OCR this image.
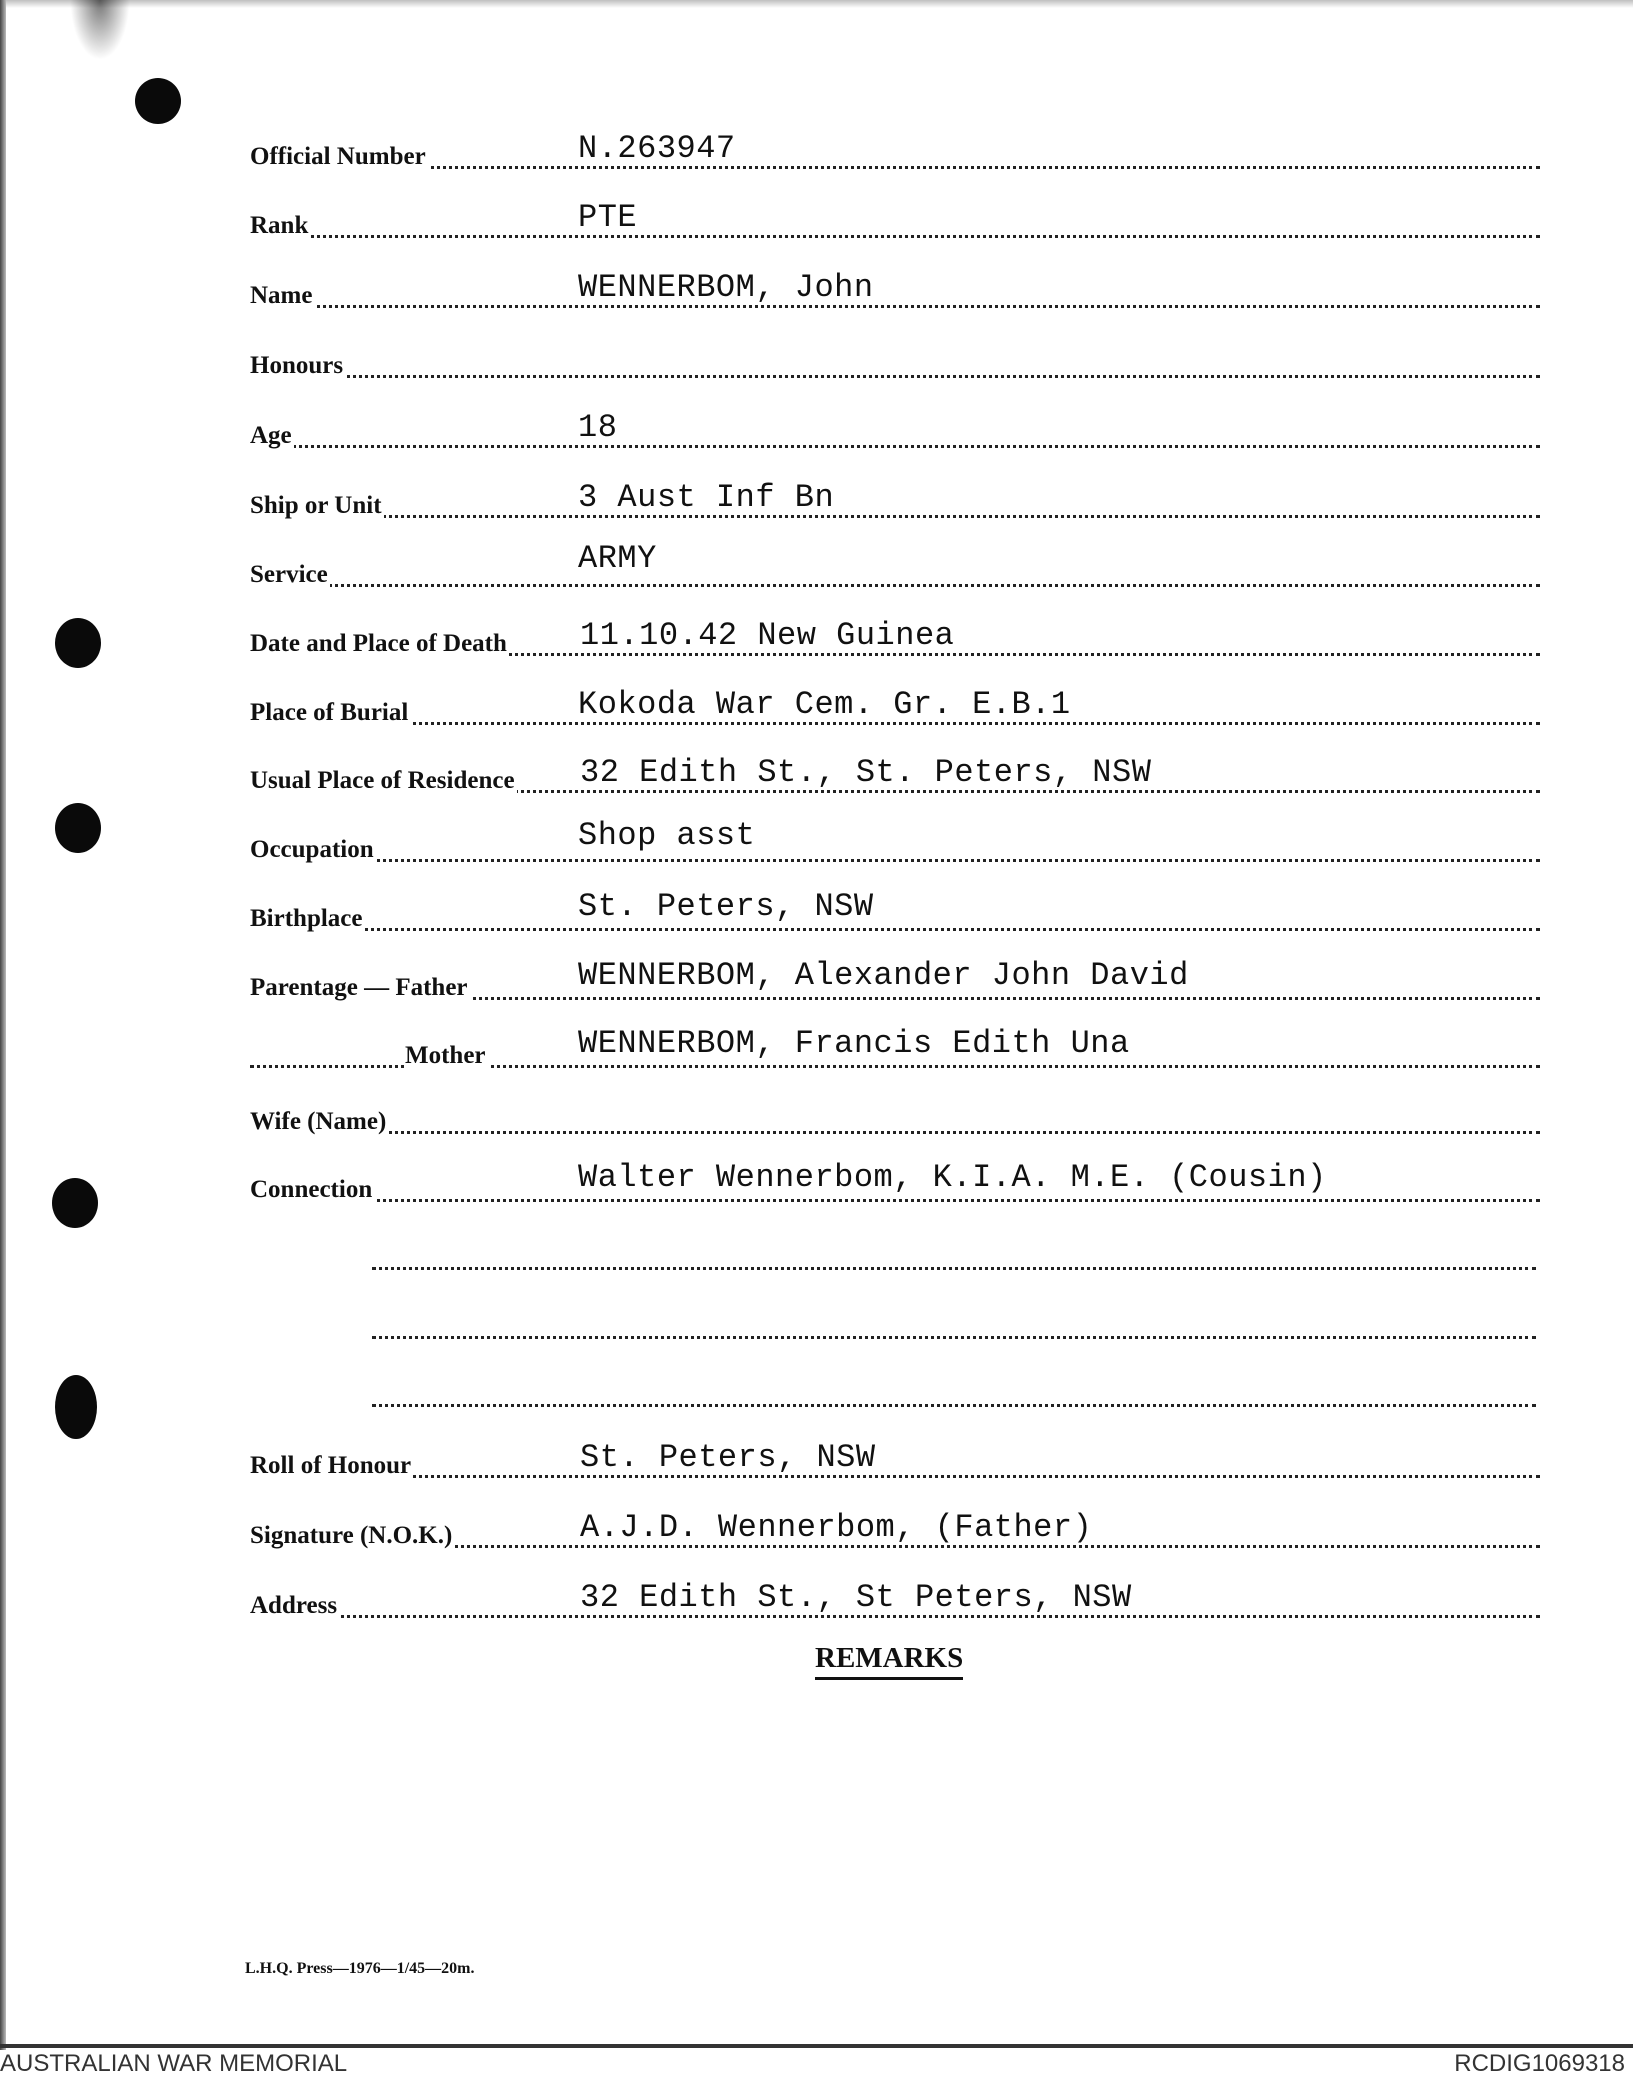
Official Number	N.263947
Rank	PTE
Name	WENNERBOM, John
Honours
Age	18
Ship or Unit	3 Aust Inf Bn
Service	ARMY
Date and Place of Death 11.10.42 New Guinea
Place of Burial	Kokoda War Cem. Gr. E.B.1
Usual Place of Residence 32 Edith St., St. Peters, NSW
Occupation	Shop asst
Birthplace	St. Peters, NSW
Parentage — Father	WENNERBOM, Alexander John David
Mother	WENNERBOM, Francis Edith Una
Wife (Name)
Connection	Walter Wennerbom, K.I.A. M.E. (Cousin)
Roll of Honour	St. Peters, NSW
Signature (N.O.K.)	A.J.D. Wennerbom, (Father)
Address	32 Edith St., St Peters, NSW
REMARKS
L.H.Q. Press—1976—1/45—20m.
AUSTRALIAN WAR MEMORIAL	RCDIG1069318
